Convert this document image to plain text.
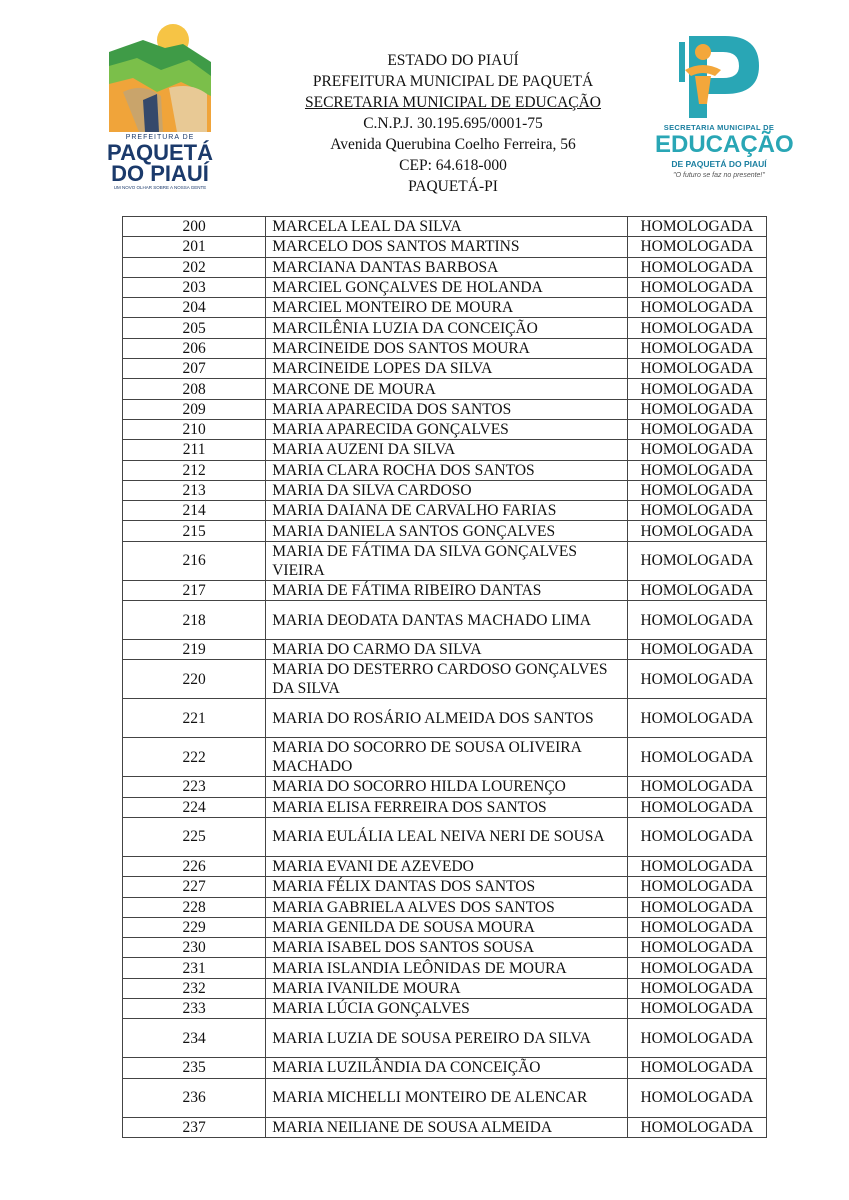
PREFEITURA DE
PAQUETÁ
DO PIAUÍ
UM NOVO OLHAR SOBRE A NOSSA GENTE
ESTADO DO PIAUÍ
PREFEITURA MUNICIPAL DE PAQUETÁ
SECRETARIA MUNICIPAL DE EDUCAÇÃO
C.N.P.J. 30.195.695/0001-75
Avenida Querubina Coelho Ferreira, 56
CEP: 64.618-000
PAQUETÁ-PI
SECRETARIA MUNICIPAL DE
EDUCAÇÃO
DE PAQUETÁ DO PIAUÍ
"O futuro se faz no presente!"
200	MARCELA LEAL DA SILVA	HOMOLOGADA
201	MARCELO DOS SANTOS MARTINS	HOMOLOGADA
202	MARCIANA DANTAS BARBOSA	HOMOLOGADA
203	MARCIEL GONÇALVES DE HOLANDA	HOMOLOGADA
204	MARCIEL MONTEIRO DE MOURA	HOMOLOGADA
205	MARCILÊNIA LUZIA DA CONCEIÇÃO	HOMOLOGADA
206	MARCINEIDE DOS SANTOS MOURA	HOMOLOGADA
207	MARCINEIDE LOPES DA SILVA	HOMOLOGADA
208	MARCONE DE MOURA	HOMOLOGADA
209	MARIA APARECIDA DOS SANTOS	HOMOLOGADA
210	MARIA APARECIDA GONÇALVES	HOMOLOGADA
211	MARIA AUZENI DA SILVA	HOMOLOGADA
212	MARIA CLARA ROCHA DOS SANTOS	HOMOLOGADA
213	MARIA DA SILVA CARDOSO	HOMOLOGADA
214	MARIA DAIANA DE CARVALHO FARIAS	HOMOLOGADA
215	MARIA DANIELA SANTOS GONÇALVES	HOMOLOGADA
216	MARIA DE FÁTIMA DA SILVA GONÇALVES VIEIRA	HOMOLOGADA
217	MARIA DE FÁTIMA RIBEIRO DANTAS	HOMOLOGADA
218	MARIA DEODATA DANTAS MACHADO LIMA	HOMOLOGADA
219	MARIA DO CARMO DA SILVA	HOMOLOGADA
220	MARIA DO DESTERRO CARDOSO GONÇALVES DA SILVA	HOMOLOGADA
221	MARIA DO ROSÁRIO ALMEIDA DOS SANTOS	HOMOLOGADA
222	MARIA DO SOCORRO DE SOUSA OLIVEIRA MACHADO	HOMOLOGADA
223	MARIA DO SOCORRO HILDA LOURENÇO	HOMOLOGADA
224	MARIA ELISA FERREIRA DOS SANTOS	HOMOLOGADA
225	MARIA EULÁLIA LEAL NEIVA NERI DE SOUSA	HOMOLOGADA
226	MARIA EVANI DE AZEVEDO	HOMOLOGADA
227	MARIA FÉLIX DANTAS DOS SANTOS	HOMOLOGADA
228	MARIA GABRIELA ALVES DOS SANTOS	HOMOLOGADA
229	MARIA GENILDA DE SOUSA MOURA	HOMOLOGADA
230	MARIA ISABEL DOS SANTOS SOUSA	HOMOLOGADA
231	MARIA ISLANDIA LEÔNIDAS DE MOURA	HOMOLOGADA
232	MARIA IVANILDE MOURA	HOMOLOGADA
233	MARIA LÚCIA GONÇALVES	HOMOLOGADA
234	MARIA LUZIA DE SOUSA PEREIRO DA SILVA	HOMOLOGADA
235	MARIA LUZILÂNDIA DA CONCEIÇÃO	HOMOLOGADA
236	MARIA MICHELLI MONTEIRO DE ALENCAR	HOMOLOGADA
237	MARIA NEILIANE DE SOUSA ALMEIDA	HOMOLOGADA
